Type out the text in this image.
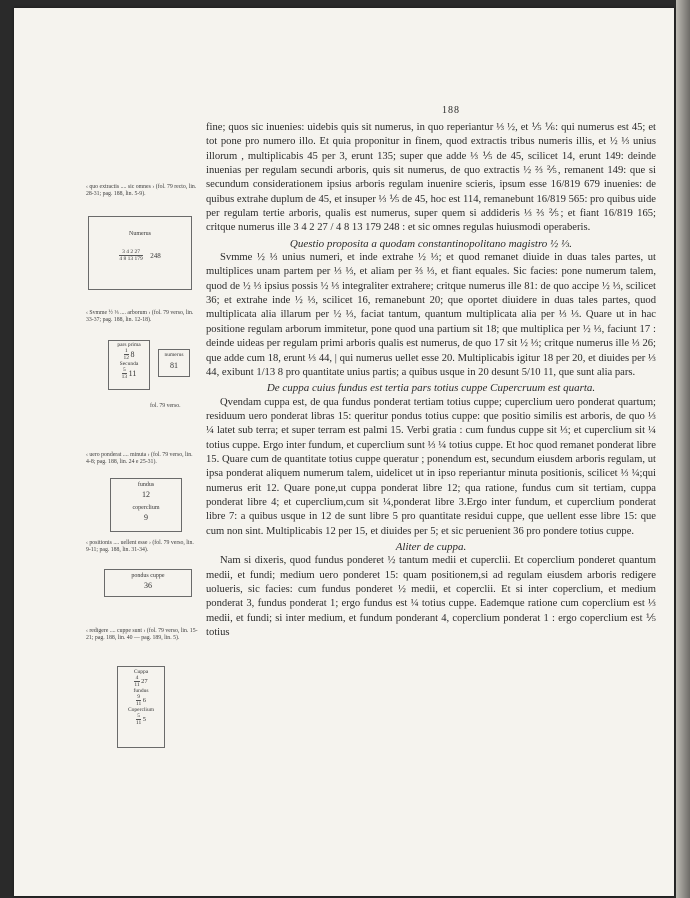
188

fine; quos sic inuenies: uidebis quis sit numerus, in quo reperiantur ⅓ ½, et ⅕ ⅙: qui numerus est 45; et tot pone pro numero illo. Et quia proponitur in finem, quod extractis tribus numeris illis, et ½ ⅓ unius illorum , multiplicabis 45 per 3, erunt 135; super que adde ⅓ ⅕ de 45, scilicet 14, erunt 149: deinde inuenias per regulam secundi arboris, quis sit numerus, de quo extractis ½ ⅔ ⅖, remanent 149: que si secundum considerationem ipsius arboris regulam inuenire scieris, ipsum esse 16/819 679 inuenies: de quibus extrahe duplum de 45, et insuper ⅓ ⅕ de 45, hoc est 114, remanebunt 16/819 565: pro quibus uide per regulam tertie arboris, qualis est numerus, super quem si addideris ⅓ ⅔ ⅖; et fiant 16/819 165; critque numerus ille 3 4 2 27 / 4 8 13 179 248 : et sic omnes regulas huiusmodi operaberis.

Questio proposita a quodam constantinopolitano magistro ½ ⅓.

Svmme ½ ⅓ unius numeri, et inde extrahe ½ ⅓; et quod remanet diuide in duas tales partes, ut multiplices unam partem per ⅓ ⅓, et aliam per ⅔ ⅓, et fiant equales. Sic facies: pone numerum talem, quod de ½ ⅓ ipsius possis ½ ⅓ integraliter extrahere; critque numerus ille 81: de quo accipe ½ ⅓, scilicet 36; et extrahe inde ½ ⅓, scilicet 16, remanebunt 20; que oportet diuidere in duas tales partes, quod multiplicata alia illarum per ½ ⅓, faciat tantum, quantum multiplicata alia per ⅓ ⅓. Quare ut in hac positione regulam arborum immitetur, pone quod una partium sit 18; que multiplica per ½ ⅓, faciunt 17 : deinde uideas per regulam primi arboris qualis est numerus, de quo 17 sit ½ ⅓; critque numerus ille ⅓ 26; que adde cum 18, erunt ⅓ 44, | qui numerus uellet esse 20. Multiplicabis igitur 18 per 20, et diuides per ⅓ 44, exibunt 1/13 8 pro quantitate unius partis; a quibus usque in 20 desunt 5/10 11, que sunt alia pars.

De cuppa cuius fundus est tertia pars totius cuppe Cupercruum est quarta.

Qvendam cuppa est, de qua fundus ponderat tertiam totius cuppe; cuperclium uero ponderat quartum; residuum uero ponderat libras 15: queritur pondus totius cuppe: que positio similis est arboris, de quo ⅓ ¼ latet sub terra; et super terram est palmi 15. Verbi gratia : cum fundus cuppe sit ⅓; et cuperclium sit ¼ totius cuppe. Ergo inter fundum, et cuperclium sunt ⅓ ¼ totius cuppe. Et hoc quod remanet ponderat libre 15. Quare cum de quantitate totius cuppe queratur ; ponendum est, secundum eiusdem arboris regulam, ut ipsa ponderat aliquem numerum talem, uidelicet ut in ipso reperiantur minuta positionis, scilicet ⅓ ¼;qui numerus erit 12. Quare pone,ut cuppa ponderat libre 12; qua ratione, fundus cum sit tertiam, cuppa ponderat libre 4; et cuperclium,cum sit ¼,ponderat libre 3.Ergo inter fundum, et cuperclium ponderat libre 7: a quibus usque in 12 de sunt libre 5 pro quantitate residui cuppe, que uellent esse libre 15: que cum non sint. Multiplicabis 12 per 15, et diuides per 5; et sic peruenient 36 pro pondere totius cuppe.

Aliter de cuppa.

Nam si dixeris, quod fundus ponderet ½ tantum medii et cuperclii. Et coperclium ponderet quantum medii, et fundi; medium uero ponderet 15: quam positionem,si ad regulam eiusdem arboris redigere uolueris, sic facies: cum fundus ponderet ½ medii, et coperclii. Et si inter coperclium, et medium ponderat 3, fundus ponderat 1; ergo fundus est ¼ totius cuppe. Eademque ratione cum coperclium est ⅓ medii, et fundi; si inter medium, et fundum ponderant 4, coperclium ponderat 1 : ergo coperclium est ⅕ totius

‹ quo extractis .... sic omnes › (fol. 79 recto, lin. 28-31; pag. 188, lin. 5-9).
‹ Svmme ½ ⅓ .... arborum › (fol. 79 verso, lin. 33-37; pag. 188, lin. 12-18).
fol. 79 verso.
‹ uero ponderat .... minuta › (fol. 79 verso, lin. 4-8; pag. 188, lin. 24 e 25-31).
‹ positionis .... uellent esse › (fol. 79 verso, lin. 9-11; pag. 188, lin. 31-34).
‹ redigere .... cuppe sunt › (fol. 79 verso, lin. 15-21; pag. 188, lin. 40 — pag. 189, lin. 5).
Numerus
$\frac{3 4 2 27}{4 8 13 179} 248$
pars prima
$\frac{1}{12} 8$
Secunda
$\frac{5}{13} 11$
numerus
81
fundus
12
coperclium
9
pondus cuppe
36
Cuppa
$\frac{4}{11} 27$
fundus
$\frac{9}{11} 6$
Coperclium
$\frac{5}{11} 5$
